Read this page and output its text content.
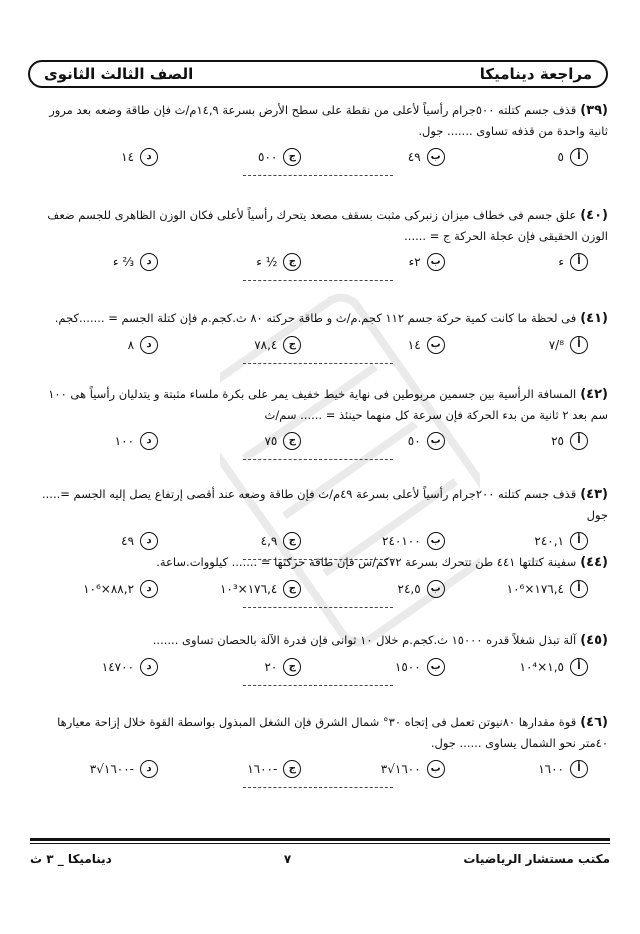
مراجعة ديناميكا
الصف الثالث الثانوى
(٣٩)قذف جسم كتلته ٥٠٠جرام رأسياً لأعلى من نقطة على سطح الأرض بسرعة ١٤,٩م/ث فإن طاقة وضعه بعد مرور ثانية واحدة من قذفه تساوى ....... جول.
أ
٥
ب
٤٩
ج
٥٠٠
د
١٤
(٤٠)علق جسم فى خطاف ميزان زنبركى مثبت بسقف مصعد يتحرك رأسياً لأعلى فكان الوزن الظاهرى للجسم ضعف الوزن الحقيقى فإن عجلة الحركة ج = ......
أ
ء
ب
٢ء
ج
½ ء
د
⅔ ء
(٤١)فى لحظة ما كانت كمية حركة جسم ١١٢ كجم.م/ث و طاقة حركته ٨٠ ث.كجم.م فإن كتلة الجسم = .......كجم.
أ
⁸/٧
ب
١٤
ج
٧٨,٤
د
٨
(٤٢)المسافة الرأسية بين جسمين مربوطين فى نهاية خيط خفيف يمر على بكرة ملساء مثبتة و يتدليان رأسياً هى ١٠٠ سم بعد ٢ ثانية من بدء الحركة فإن سرعة كل منهما حينئذ = ...... سم/ث
أ
٢٥
ب
٥٠
ج
٧٥
د
١٠٠
(٤٣)قذف جسم كتلته ٢٠٠جرام رأسياً لأعلى بسرعة ٤٩م/ث فإن طاقة وضعه عند أقصى إرتفاع يصل إليه الجسم =..... جول
أ
٢٤٠,١
ب
٢٤٠١٠٠
ج
٤,٩
د
٤٩
(٤٤)سفينة كتلتها ٤٤١ طن تتحرك بسرعة ٧٢كم/س فإن طاقة حركتها = ....... كيلووات.ساعة.
أ
١٧٦,٤×١٠⁶
ب
٢٤,٥
ج
١٧٦,٤×١٠³
د
٨٨,٢×١٠⁶
(٤٥)آلة تبذل شغلاً قدره ١٥٠٠٠ ث.كجم.م خلال ١٠ ثوانى فإن قدرة الآلة بالحصان تساوى .......
أ
١,٥×١٠⁴
ب
١٥٠٠
ج
٢٠
د
١٤٧٠٠
(٤٦)قوة مقدارها ٨٠نيوتن تعمل فى إتجاه ٣٠° شمال الشرق فإن الشغل المبذول بواسطة القوة خلال إزاحة معيارها ٤٠متر نحو الشمال يساوى ...... جول.
أ
١٦٠٠
ب
١٦٠٠√٣
ج
-١٦٠٠
د
-١٦٠٠√٣
مكتب مستشار الرياضيات
٧
ديناميكا _ ٣ ث
